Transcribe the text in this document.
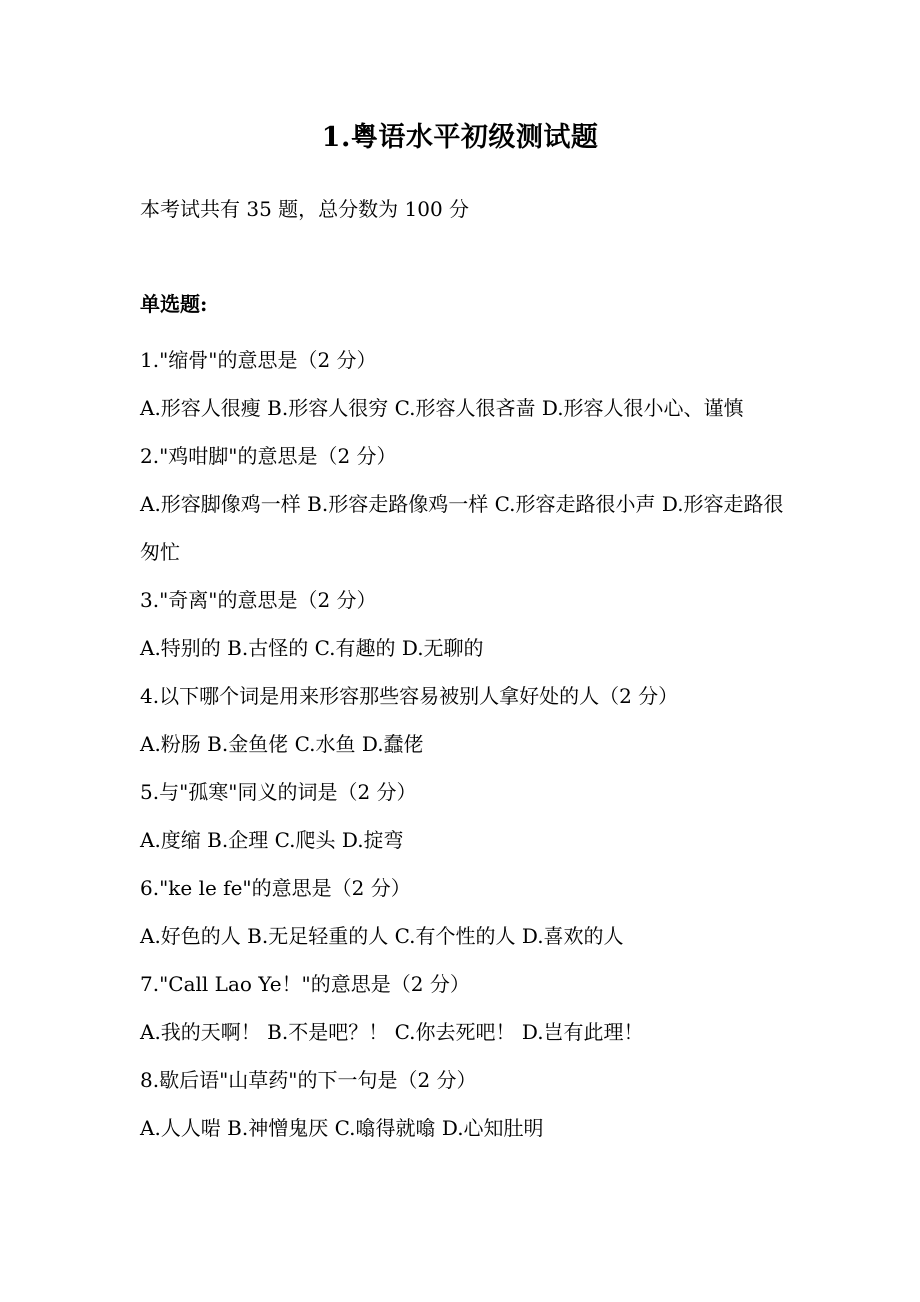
1.粤语水平初级测试题
本考试共有 35 题，总分数为 100 分
单选题:

1."缩骨"的意思是（2 分）

A.形容人很瘦 B.形容人很穷 C.形容人很吝啬 D.形容人很小心、谨慎

2."鸡咁脚"的意思是（2 分）

A.形容脚像鸡一样 B.形容走路像鸡一样 C.形容走路很小声 D.形容走路很匆忙

3."奇离"的意思是（2 分）

A.特别的 B.古怪的 C.有趣的 D.无聊的

4.以下哪个词是用来形容那些容易被别人拿好处的人（2 分）

A.粉肠 B.金鱼佬 C.水鱼 D.蠢佬

5.与"孤寒"同义的词是（2 分）

A.度缩 B.企理 C.爬头 D.掟弯

6."ke le fe"的意思是（2 分）

A.好色的人 B.无足轻重的人 C.有个性的人 D.喜欢的人

7."Call Lao Ye！"的意思是（2 分）

A.我的天啊！ B.不是吧？！ C.你去死吧！ D.岂有此理！

8.歇后语"山草药"的下一句是（2 分）

A.人人啱 B.神憎鬼厌 C.噏得就噏 D.心知肚明
